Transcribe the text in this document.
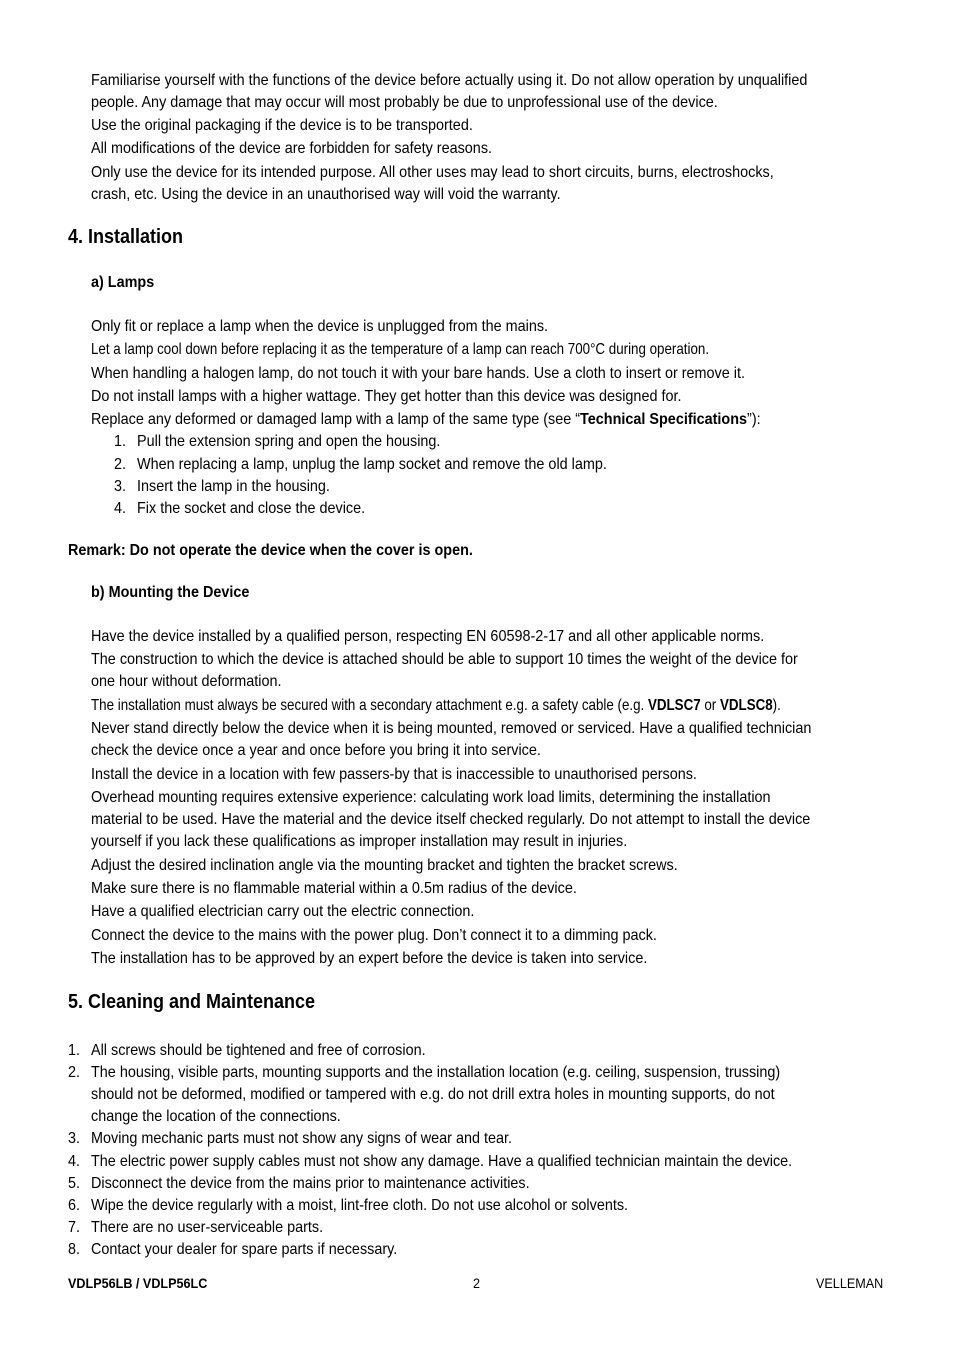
Familiarise yourself with the functions of the device before actually using it. Do not allow operation by unqualified

people. Any damage that may occur will most probably be due to unprofessional use of the device.

Use the original packaging if the device is to be transported.

All modifications of the device are forbidden for safety reasons.

Only use the device for its intended purpose. All other uses may lead to short circuits, burns, electroshocks,

crash, etc. Using the device in an unauthorised way will void the warranty.

4. Installation

a) Lamps

Only fit or replace a lamp when the device is unplugged from the mains.

Let a lamp cool down before replacing it as the temperature of a lamp can reach 700°C during operation.

When handling a halogen lamp, do not touch it with your bare hands. Use a cloth to insert or remove it.

Do not install lamps with a higher wattage. They get hotter than this device was designed for.

Replace any deformed or damaged lamp with a lamp of the same type (see “Technical Specifications”):

1. Pull the extension spring and open the housing.

2. When replacing a lamp, unplug the lamp socket and remove the old lamp.

3. Insert the lamp in the housing.

4. Fix the socket and close the device.

Remark: Do not operate the device when the cover is open.

b) Mounting the Device

Have the device installed by a qualified person, respecting EN 60598-2-17 and all other applicable norms.

The construction to which the device is attached should be able to support 10 times the weight of the device for

one hour without deformation.

The installation must always be secured with a secondary attachment e.g. a safety cable (e.g. VDLSC7 or VDLSC8).

Never stand directly below the device when it is being mounted, removed or serviced. Have a qualified technician

check the device once a year and once before you bring it into service.

Install the device in a location with few passers-by that is inaccessible to unauthorised persons.

Overhead mounting requires extensive experience: calculating work load limits, determining the installation

material to be used. Have the material and the device itself checked regularly. Do not attempt to install the device

yourself if you lack these qualifications as improper installation may result in injuries.

Adjust the desired inclination angle via the mounting bracket and tighten the bracket screws.

Make sure there is no flammable material within a 0.5m radius of the device.

Have a qualified electrician carry out the electric connection.

Connect the device to the mains with the power plug. Don’t connect it to a dimming pack.

The installation has to be approved by an expert before the device is taken into service.

5. Cleaning and Maintenance

1. All screws should be tightened and free of corrosion.

2. The housing, visible parts, mounting supports and the installation location (e.g. ceiling, suspension, trussing)

should not be deformed, modified or tampered with e.g. do not drill extra holes in mounting supports, do not

change the location of the connections.

3. Moving mechanic parts must not show any signs of wear and tear.

4. The electric power supply cables must not show any damage. Have a qualified technician maintain the device.

5. Disconnect the device from the mains prior to maintenance activities.

6. Wipe the device regularly with a moist, lint-free cloth. Do not use alcohol or solvents.

7. There are no user-serviceable parts.

8. Contact your dealer for spare parts if necessary.

VDLP56LB / VDLP56LC	2	VELLEMAN
